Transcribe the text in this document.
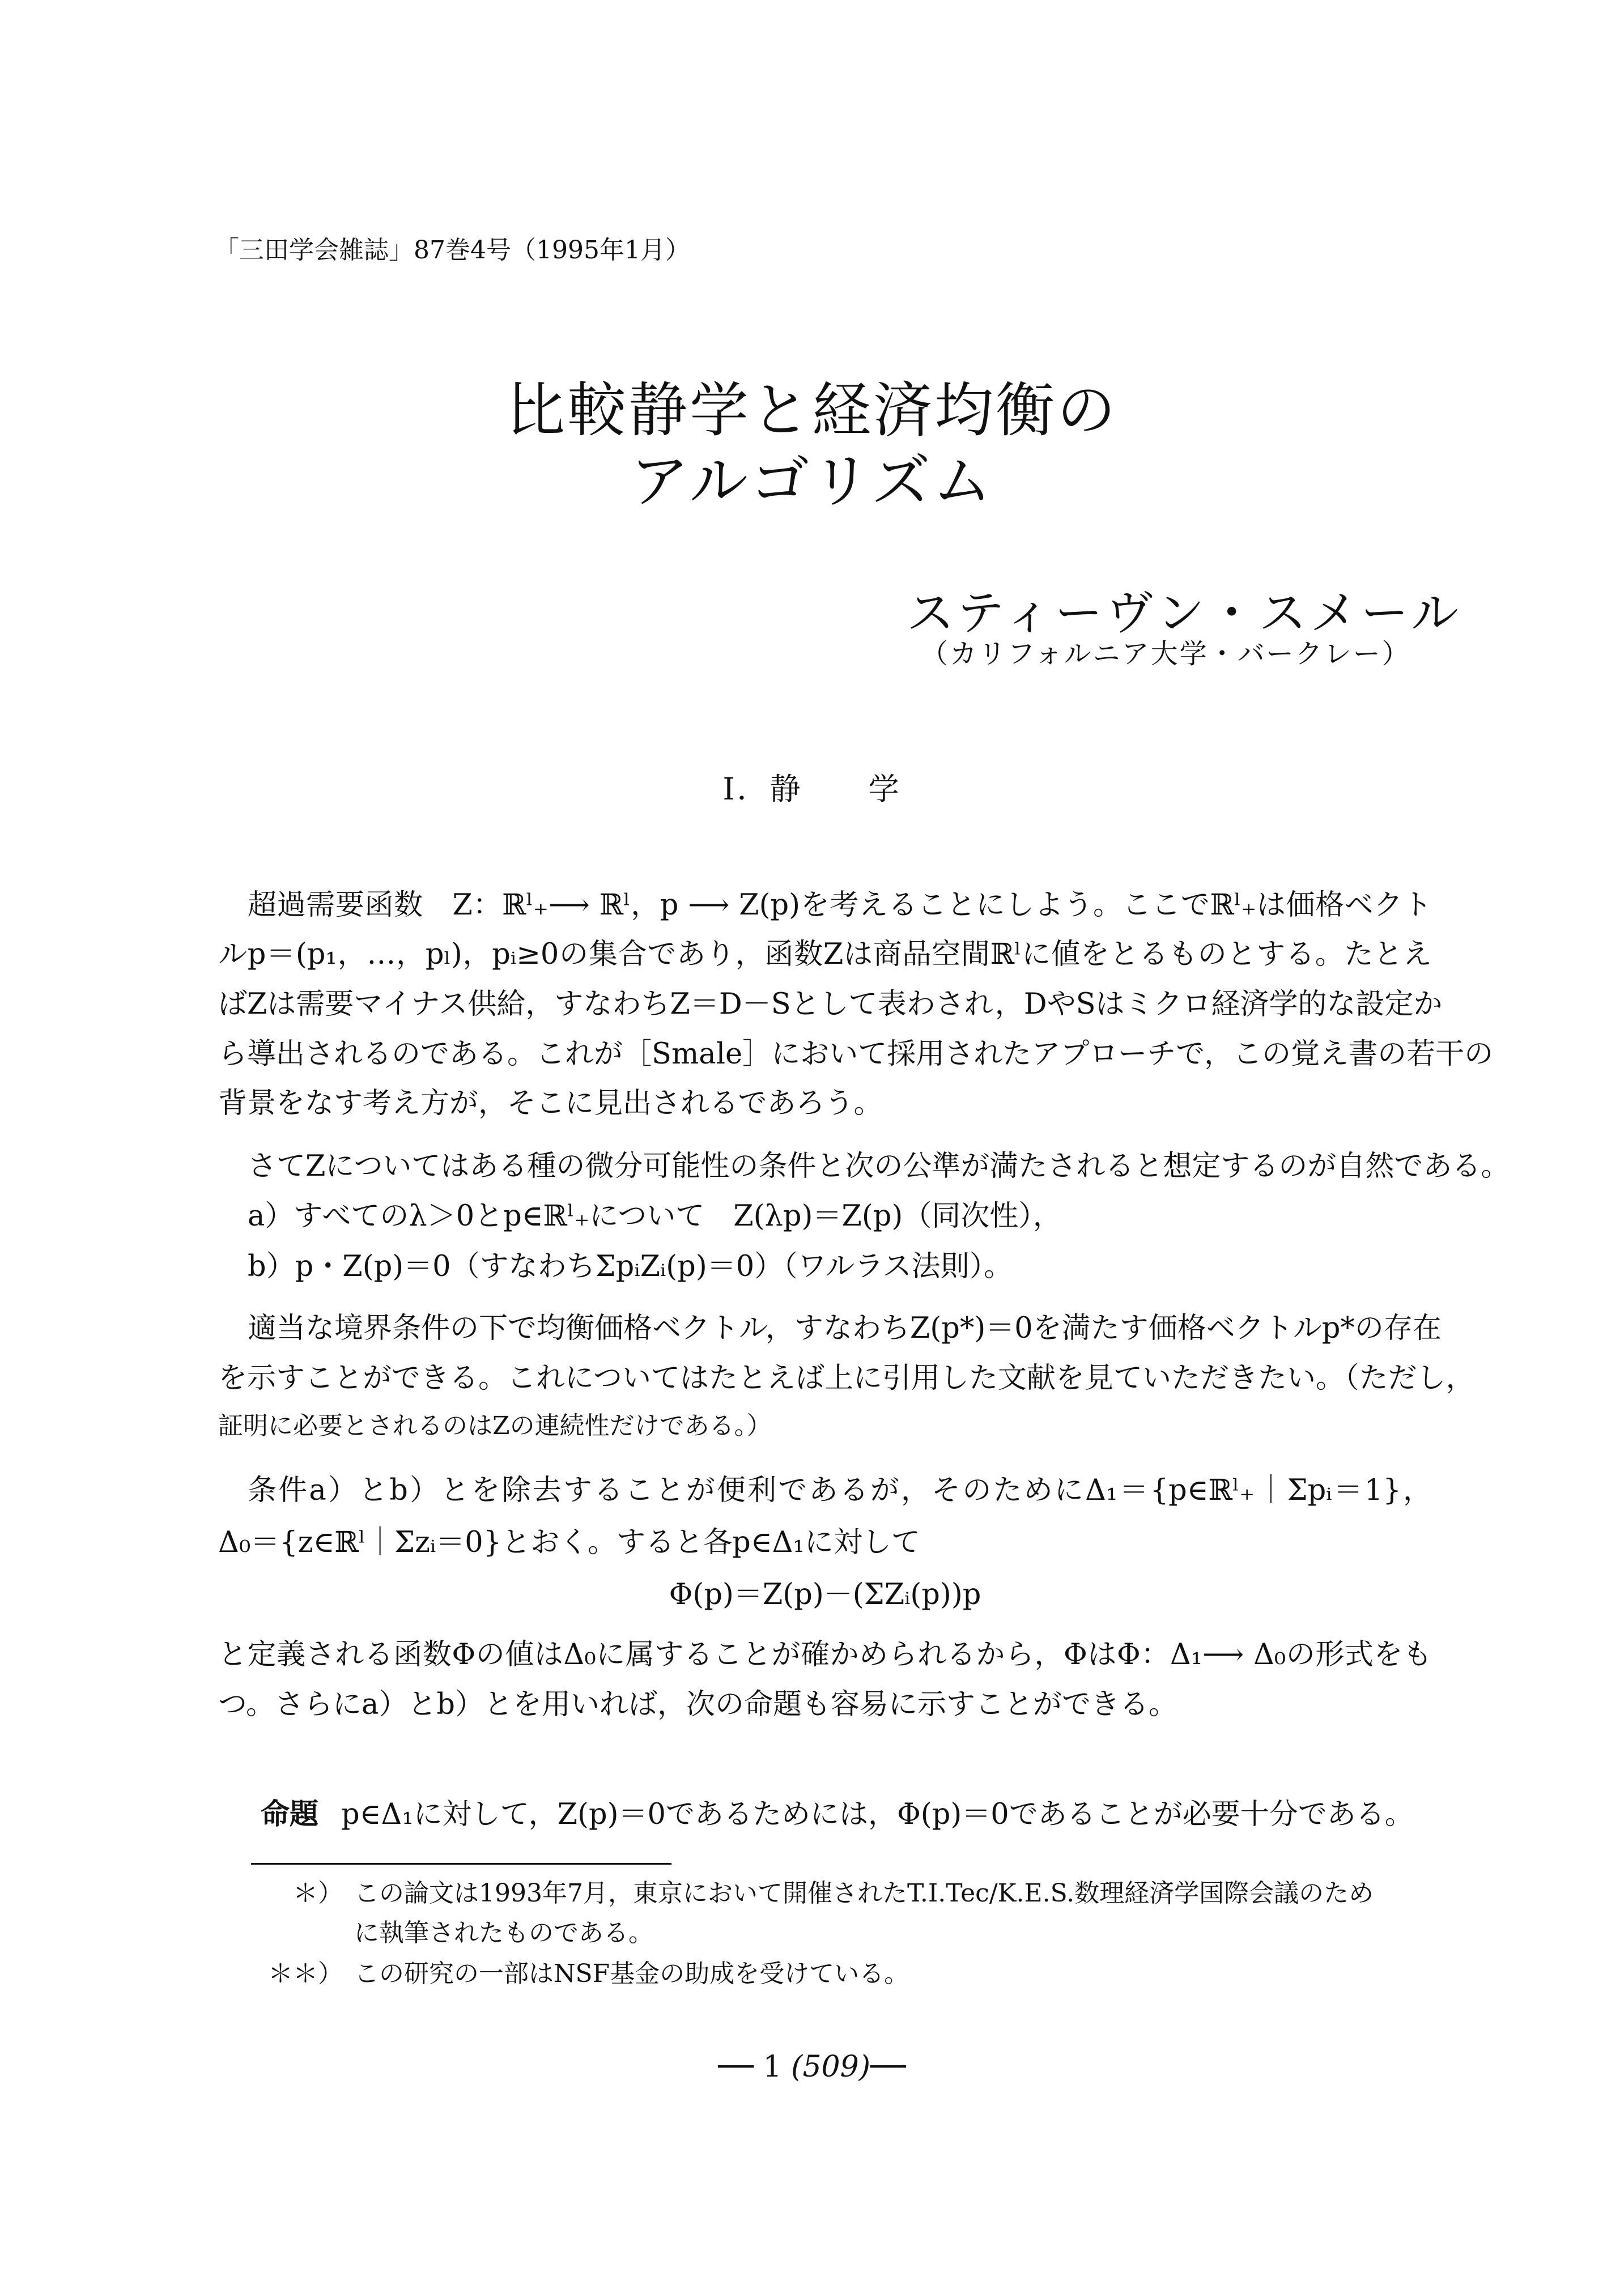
「三田学会雑誌」87巻4号（1995年1月）
比較静学と経済均衡の
アルゴリズム
スティーヴン・スメール
（カリフォルニア大学・バークレー）
I．静　　学
超過需要函数　Z：ℝˡ₊⟶ ℝˡ，p ⟶ Z(p)を考えることにしよう。ここでℝˡ₊は価格ベクト
ルp＝(p₁，…，pₗ)，pᵢ≥0の集合であり，函数Zは商品空間ℝˡに値をとるものとする。たとえ
ばZは需要マイナス供給，すなわちZ＝D－Sとして表わされ，DやSはミクロ経済学的な設定か
ら導出されるのである。これが［Smale］において採用されたアプローチで，この覚え書の若干の
背景をなす考え方が，そこに見出されるであろう。
さてZについてはある種の微分可能性の条件と次の公準が満たされると想定するのが自然である。
a）すべてのλ＞0とp∈ℝˡ₊について　Z(λp)＝Z(p)（同次性），
b）p・Z(p)＝0（すなわちΣpᵢZᵢ(p)＝0）（ワルラス法則）。
適当な境界条件の下で均衡価格ベクトル，すなわちZ(p*)＝0を満たす価格ベクトルp*の存在
を示すことができる。これについてはたとえば上に引用した文献を見ていただきたい。（ただし，
証明に必要とされるのはZの連続性だけである。）
条件a）とb）とを除去することが便利であるが，そのためにΔ₁＝{p∈ℝˡ₊｜Σpᵢ＝1}，
Δ₀＝{z∈ℝˡ｜Σzᵢ＝0}とおく。すると各p∈Δ₁に対して
Φ(p)＝Z(p)－(ΣZᵢ(p))p
と定義される函数Φの値はΔ₀に属することが確かめられるから，ΦはΦ：Δ₁⟶ Δ₀の形式をも
つ。さらにa）とb）とを用いれば，次の命題も容易に示すことができる。
命題 p∈Δ₁に対して，Z(p)＝0であるためには，Φ(p)＝0であることが必要十分である。
＊） この論文は1993年7月，東京において開催されたT.I.Tec/K.E.S.数理経済学国際会議のため
に執筆されたものである。
＊＊） この研究の一部はNSF基金の助成を受けている。
── 1 (509)──
